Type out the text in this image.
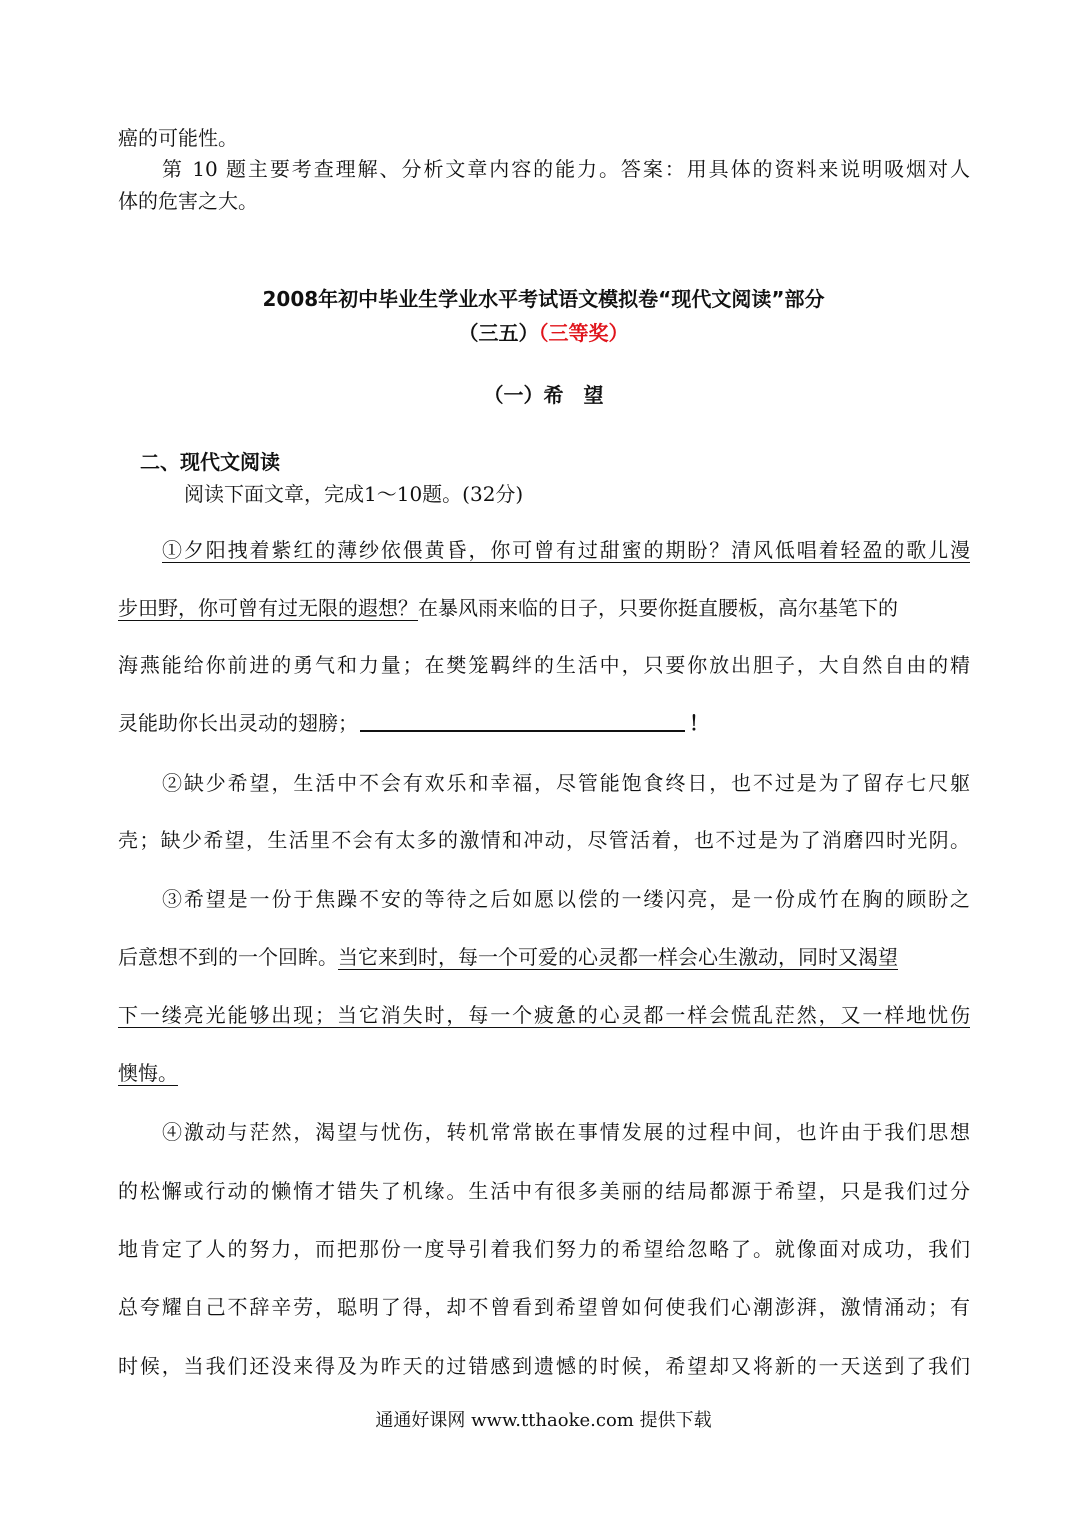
癌的可能性。
第 10 题主要考查理解、分析文章内容的能力。答案：用具体的资料来说明吸烟对人
体的危害之大。
2008年初中毕业生学业水平考试语文模拟卷“现代文阅读”部分
（三五）（三等奖）
（一）希　望
二、现代文阅读
阅读下面文章，完成1～10题。(32分)
①夕阳拽着紫红的薄纱依偎黄昏，你可曾有过甜蜜的期盼？清风低唱着轻盈的歌儿漫
步田野，你可曾有过无限的遐想？在暴风雨来临的日子，只要你挺直腰板，高尔基笔下的
海燕能给你前进的勇气和力量；在樊笼羁绊的生活中，只要你放出胆子，大自然自由的精
灵能助你长出灵动的翅膀；	！
②缺少希望，生活中不会有欢乐和幸福，尽管能饱食终日，也不过是为了留存七尺躯
壳；缺少希望，生活里不会有太多的激情和冲动，尽管活着，也不过是为了消磨四时光阴。
③希望是一份于焦躁不安的等待之后如愿以偿的一缕闪亮，是一份成竹在胸的顾盼之
后意想不到的一个回眸。当它来到时，每一个可爱的心灵都一样会心生激动，同时又渴望
下一缕亮光能够出现；当它消失时，每一个疲惫的心灵都一样会慌乱茫然，又一样地忧伤
懊悔。
④激动与茫然，渴望与忧伤，转机常常嵌在事情发展的过程中间，也许由于我们思想
的松懈或行动的懒惰才错失了机缘。生活中有很多美丽的结局都源于希望，只是我们过分
地肯定了人的努力，而把那份一度导引着我们努力的希望给忽略了。就像面对成功，我们
总夸耀自己不辞辛劳，聪明了得，却不曾看到希望曾如何使我们心潮澎湃，激情涌动；有
时候，当我们还没来得及为昨天的过错感到遗憾的时候，希望却又将新的一天送到了我们
通通好课网 www.tthaoke.com 提供下载
